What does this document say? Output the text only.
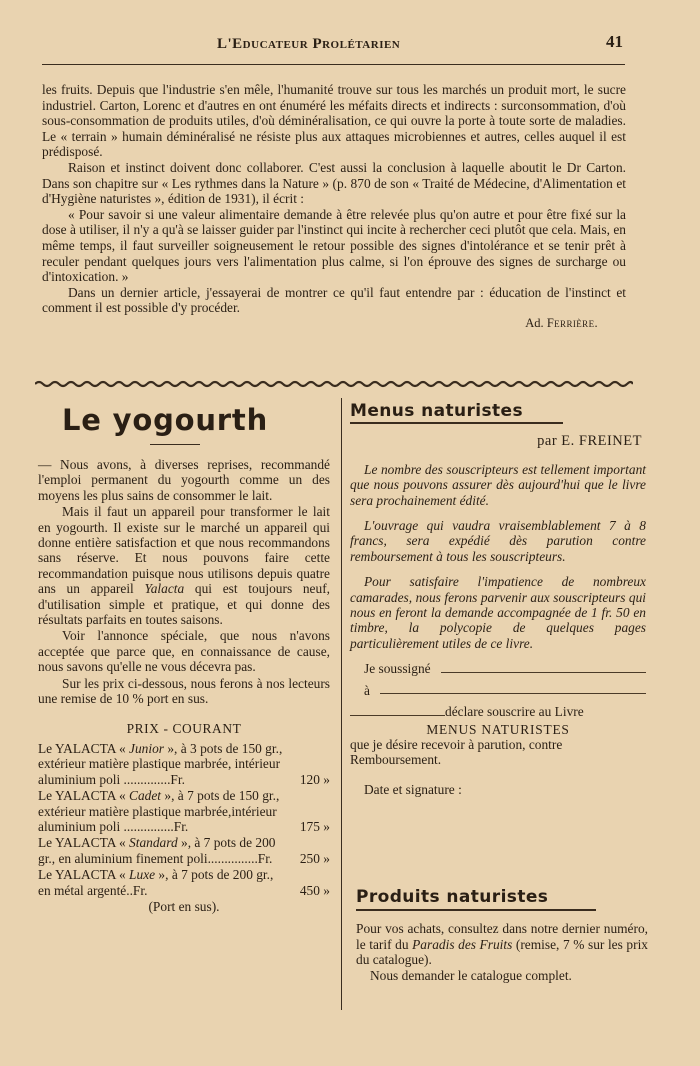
L'Educateur Prolétarien	41

les fruits. Depuis que l'industrie s'en mêle, l'humanité trouve sur tous les marchés un produit mort, le sucre industriel. Carton, Lorenc et d'autres en ont énuméré les méfaits directs et indirects : surconsommation, d'où sous-consommation de produits utiles, d'où déminéralisation, ce qui ouvre la porte à toute sorte de maladies. Le « terrain » humain déminéralisé ne résiste plus aux attaques microbiennes et autres, celles auquel il est prédisposé.

Raison et instinct doivent donc collaborer. C'est aussi la conclusion à laquelle aboutit le Dr Carton. Dans son chapitre sur « Les rythmes dans la Nature » (p. 870 de son « Traité de Médecine, d'Alimentation et d'Hygiène naturistes », édition de 1931), il écrit :

« Pour savoir si une valeur alimentaire demande à être relevée plus qu'on autre et pour être fixé sur la dose à utiliser, il n'y a qu'à se laisser guider par l'instinct qui incite à rechercher ceci plutôt que cela. Mais, en même temps, il faut surveiller soigneusement le retour possible des signes d'intolérance et se tenir prêt à reculer pendant quelques jours vers l'alimentation plus calme, si l'on éprouve des signes de surcharge ou d'intoxication. »

Dans un dernier article, j'essayerai de montrer ce qu'il faut entendre par : éducation de l'instinct et comment il est possible d'y procéder.

Ad. Ferrière.

Le yogourth

— Nous avons, à diverses reprises, recommandé l'emploi permanent du yogourth comme un des moyens les plus sains de consommer le lait.

Mais il faut un appareil pour transformer le lait en yogourth. Il existe sur le marché un appareil qui donne entière satisfaction et que nous recommandons sans réserve. Et nous pouvons faire cette recommandation puisque nous utilisons depuis quatre ans un appareil Yalacta qui est toujours neuf, d'utilisation simple et pratique, et qui donne des résultats parfaits en toutes saisons.

Voir l'annonce spéciale, que nous n'avons acceptée que parce que, en connaissance de cause, nous savons qu'elle ne vous décevra pas.

Sur les prix ci-dessous, nous ferons à nos lecteurs une remise de 10 % port en sus.

PRIX - COURANT

Le YALACTA « Junior », à 3 pots de 150 gr., extérieur matière plastique marbrée, intérieur aluminium poli ..............Fr.	120 »
Le YALACTA « Cadet », à 7 pots de 150 gr., extérieur matière plastique marbrée,intérieur aluminium poli ...............Fr.	175 »
Le YALACTA « Standard », à 7 pots de 200 gr., en aluminium finement poli...............Fr.	250 »
Le YALACTA « Luxe », à 7 pots de 200 gr., en métal argenté..Fr.	450 »
(Port en sus).
Menus naturistes
par E. FREINET

Le nombre des souscripteurs est tellement important que nous pouvons assurer dès aujourd'hui que le livre sera prochainement édité.

L'ouvrage qui vaudra vraisemblablement 7 à 8 francs, sera expédié dès parution contre remboursement à tous les souscripteurs.

Pour satisfaire l'impatience de nombreux camarades, nous ferons parvenir aux souscripteurs qui nous en feront la demande accompagnée de 1 fr. 50 en timbre, la polycopie de quelques pages particulièrement utiles de ce livre.

Je soussigné
à
déclare souscrire au Livre

MENUS NATURISTES

que je désire recevoir à parution, contre Remboursement.

Date et signature :

Produits naturistes

Pour vos achats, consultez dans notre dernier numéro, le tarif du Paradis des Fruits (remise, 7 % sur les prix du catalogue).

Nous demander le catalogue complet.
